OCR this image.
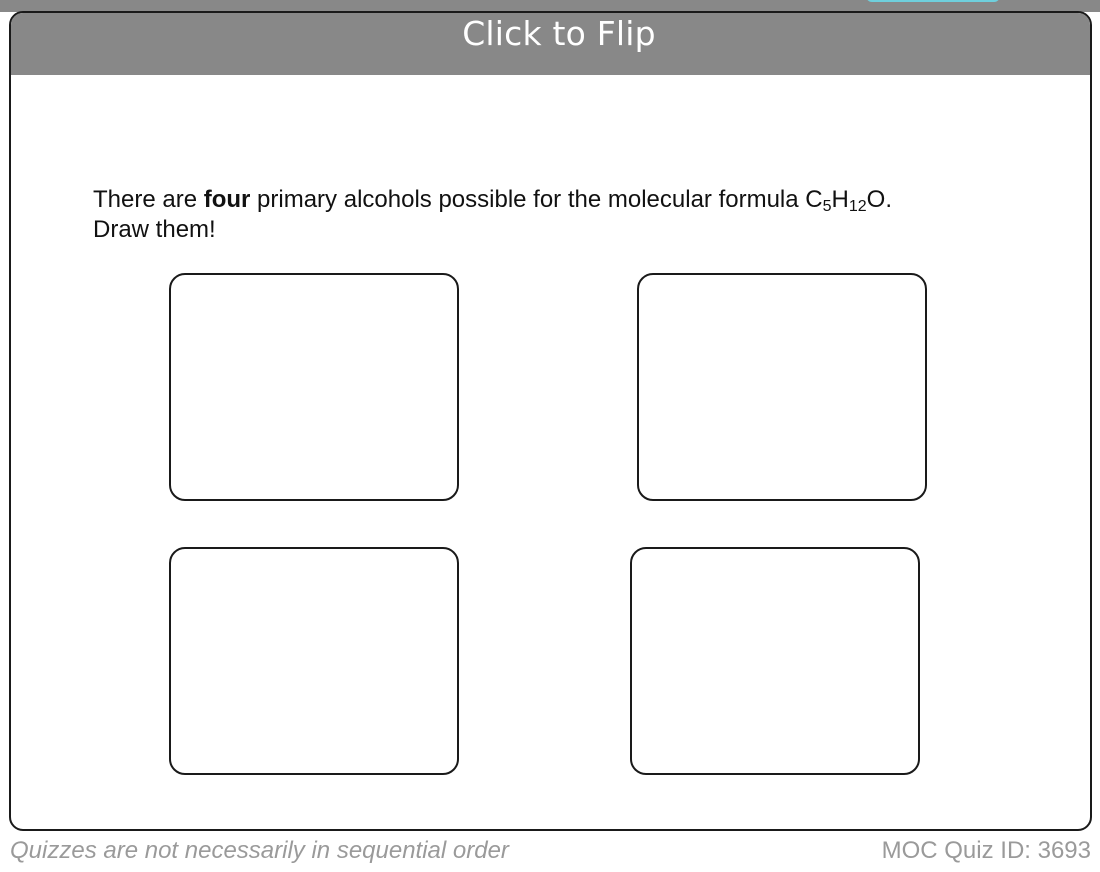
Click to Flip
There are four primary alcohols possible for the molecular formula $C_5H_{12}O$.
Draw them!
Quizzes are not necessarily in sequential order	MOC Quiz ID: 3693
